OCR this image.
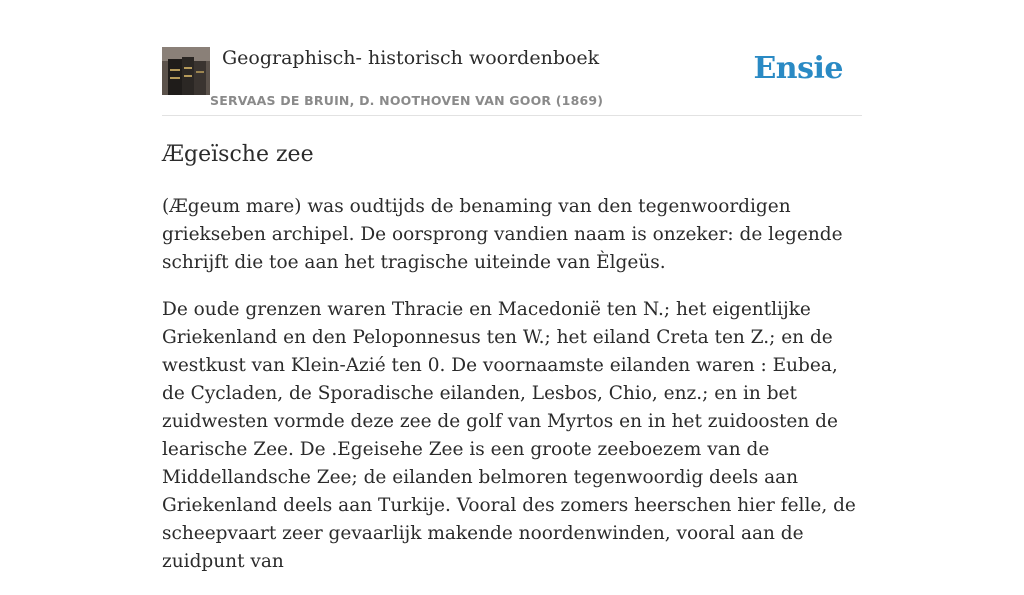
Geographisch- historisch woordenboek
SERVAAS DE BRUIN, D. NOOTHOVEN VAN GOOR (1869)
Ensie
Ægeïsche zee

(Ægeum mare) was oudtijds de benaming van den tegenwoordigen griekseben archipel. De oorsprong vandien naam is onzeker: de legende schrijft die toe aan het tragische uiteinde van Èlgeüs.

De oude grenzen waren Thracie en Macedonië ten N.; het eigentlijke Griekenland en den Peloponnesus ten W.; het eiland Creta ten Z.; en de westkust van Klein-Azié ten 0. De voornaamste eilanden waren : Eubea, de Cycladen, de Sporadische eilanden, Lesbos, Chio, enz.; en in bet zuidwesten vormde deze zee de golf van Myrtos en in het zuidoosten de learische Zee. De .Egeisehe Zee is een groote zeeboezem van de Middellandsche Zee; de eilanden belmoren tegenwoordig deels aan Griekenland deels aan Turkije. Vooral des zomers heerschen hier felle, de scheepvaart zeer gevaarlijk makende noordenwinden, vooral aan de zuidpunt van
